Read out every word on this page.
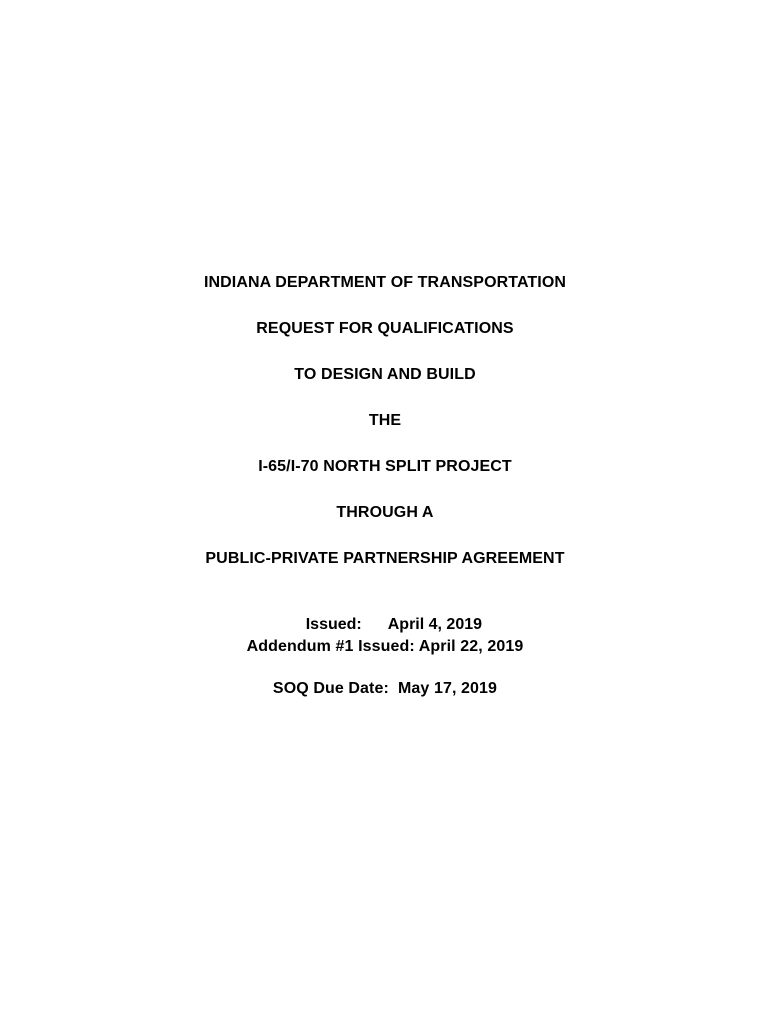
INDIANA DEPARTMENT OF TRANSPORTATION
REQUEST FOR QUALIFICATIONS
TO DESIGN AND BUILD
THE
I-65/I-70 NORTH SPLIT PROJECT
THROUGH A
PUBLIC-PRIVATE PARTNERSHIP AGREEMENT

Issued: April 4, 2019

Addendum #1 Issued: April 22, 2019
SOQ Due Date:  May 17, 2019
